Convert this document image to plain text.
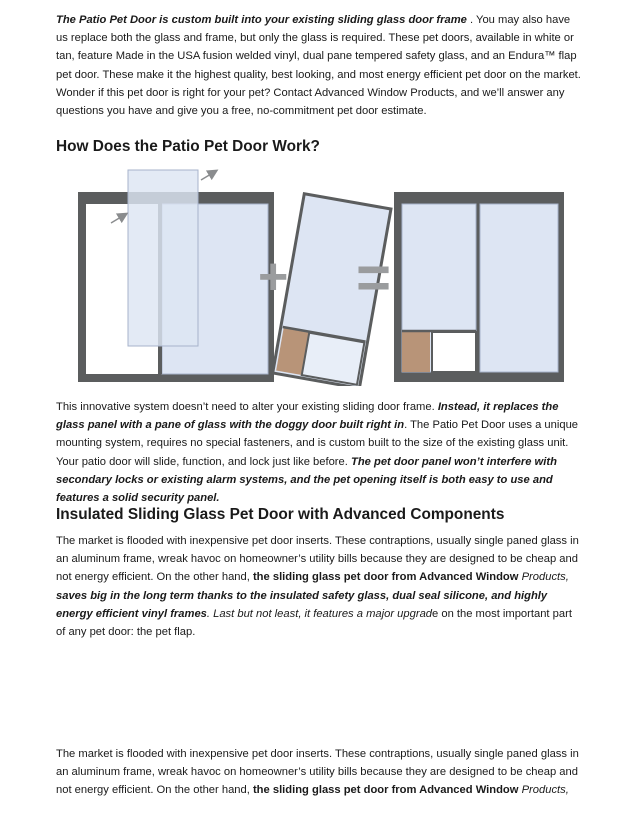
The Patio Pet Door is custom built into your existing sliding glass door frame . You may also have us replace both the glass and frame, but only the glass is required. These pet doors, available in white or tan, feature Made in the USA fusion welded vinyl, dual pane tempered safety glass, and an Endura™ flap pet door. These make it the highest quality, best looking, and most energy efficient pet door on the market. Wonder if this pet door is right for your pet? Contact Advanced Window Products, and we’ll answer any questions you have and give you a free, no-commitment pet door estimate.

How Does the Patio Pet Door Work?
+ =

This innovative system doesn’t need to alter your existing sliding door frame. Instead, it replaces the glass panel with a pane of glass with the doggy door built right in. The Patio Pet Door uses a unique mounting system, requires no special fasteners, and is custom built to the size of the existing glass unit. Your patio door will slide, function, and lock just like before. The pet door panel won’t interfere with secondary locks or existing alarm systems, and the pet opening itself is both easy to use and features a solid security panel.

Insulated Sliding Glass Pet Door with Advanced Components

The market is flooded with inexpensive pet door inserts. These contraptions, usually single paned glass in an aluminum frame, wreak havoc on homeowner’s utility bills because they are designed to be cheap and not energy efficient. On the other hand, the sliding glass pet door from Advanced Window Products, saves big in the long term thanks to the insulated safety glass, dual seal silicone, and highly energy efficient vinyl frames. Last but not least, it features a major upgrade on the most important part of any pet door: the pet flap.

The market is flooded with inexpensive pet door inserts. These contraptions, usually single paned glass in an aluminum frame, wreak havoc on homeowner’s utility bills because they are designed to be cheap and not energy efficient. On the other hand, the sliding glass pet door from Advanced Window Products,
